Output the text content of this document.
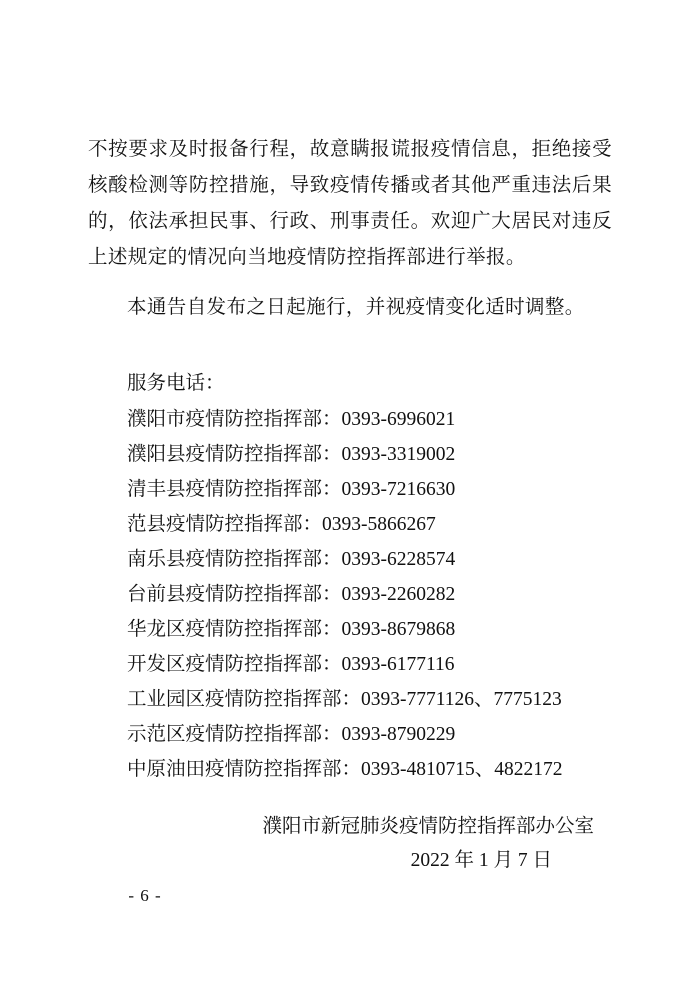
不按要求及时报备行程，故意瞒报谎报疫情信息，拒绝接受核酸检测等防控措施，导致疫情传播或者其他严重违法后果的，依法承担民事、行政、刑事责任。欢迎广大居民对违反上述规定的情况向当地疫情防控指挥部进行举报。

本通告自发布之日起施行，并视疫情变化适时调整。

服务电话：

濮阳市疫情防控指挥部：0393-6996021
濮阳县疫情防控指挥部：0393-3319002
清丰县疫情防控指挥部：0393-7216630
范县疫情防控指挥部：0393-5866267
南乐县疫情防控指挥部：0393-6228574
台前县疫情防控指挥部：0393-2260282
华龙区疫情防控指挥部：0393-8679868
开发区疫情防控指挥部：0393-6177116
工业园区疫情防控指挥部：0393-7771126、7775123
示范区疫情防控指挥部：0393-8790229
中原油田疫情防控指挥部：0393-4810715、4822172
濮阳市新冠肺炎疫情防控指挥部办公室
2022 年 1 月 7 日
- 6 -
